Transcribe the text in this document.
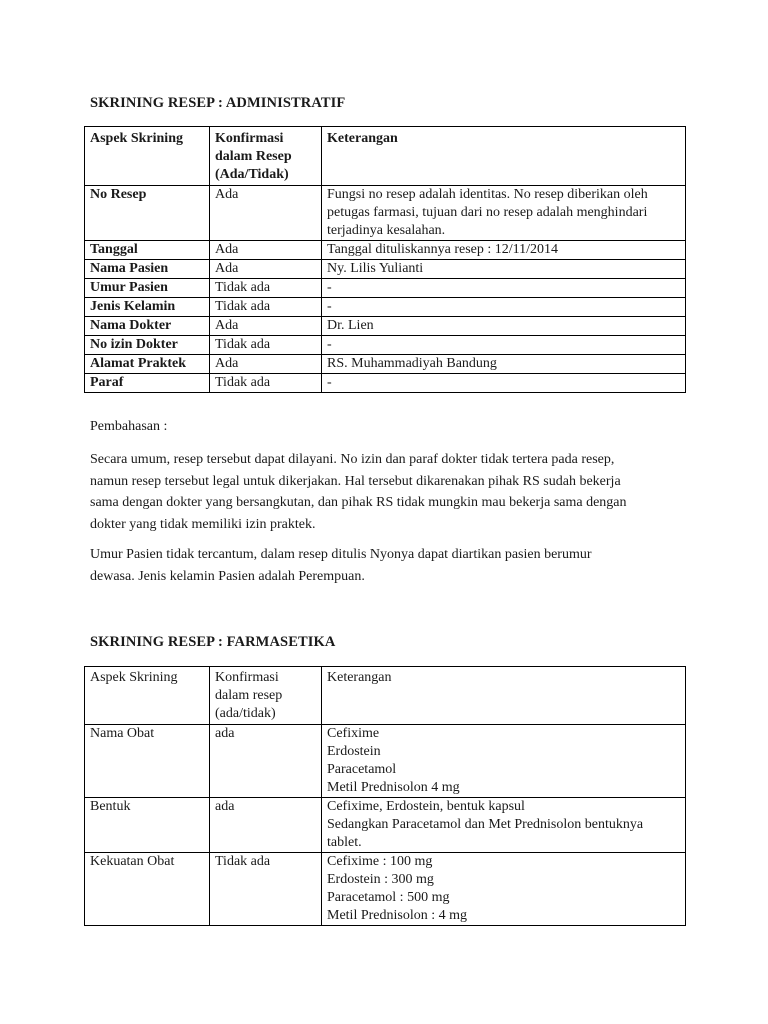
SKRINING RESEP : ADMINISTRATIF
Aspek Skrining	Konfirmasi
dalam Resep
(Ada/Tidak)	Keterangan
No Resep	Ada	Fungsi no resep adalah identitas. No resep diberikan oleh
petugas farmasi, tujuan dari no resep adalah menghindari
terjadinya kesalahan.

Tanggal	Ada	Tanggal dituliskannya resep : 12/11/2014
Nama Pasien	Ada	Ny. Lilis Yulianti
Umur Pasien	Tidak ada	-
Jenis Kelamin	Tidak ada	-
Nama Dokter	Ada	Dr. Lien
No izin Dokter	Tidak ada	-
Alamat Praktek	Ada	RS. Muhammadiyah Bandung
Paraf	Tidak ada	-

Pembahasan :

Secara umum, resep tersebut dapat dilayani. No izin dan paraf dokter tidak tertera pada resep,
namun resep tersebut legal untuk dikerjakan. Hal tersebut dikarenakan pihak RS sudah bekerja
sama dengan dokter yang bersangkutan, dan pihak RS tidak mungkin mau bekerja sama dengan
dokter yang tidak memiliki izin praktek.

Umur Pasien tidak tercantum, dalam resep ditulis Nyonya dapat diartikan pasien berumur
dewasa. Jenis kelamin Pasien adalah Perempuan.

SKRINING RESEP : FARMASETIKA
Aspek Skrining	Konfirmasi
dalam resep
(ada/tidak)	Keterangan
Nama Obat	ada	Cefixime
Erdostein
Paracetamol
Metil Prednisolon 4 mg

Bentuk	ada	Cefixime, Erdostein, bentuk kapsul
Sedangkan Paracetamol dan Met Prednisolon bentuknya
tablet.

Kekuatan Obat	Tidak ada	Cefixime : 100 mg
Erdostein : 300 mg
Paracetamol : 500 mg
Metil Prednisolon : 4 mg
